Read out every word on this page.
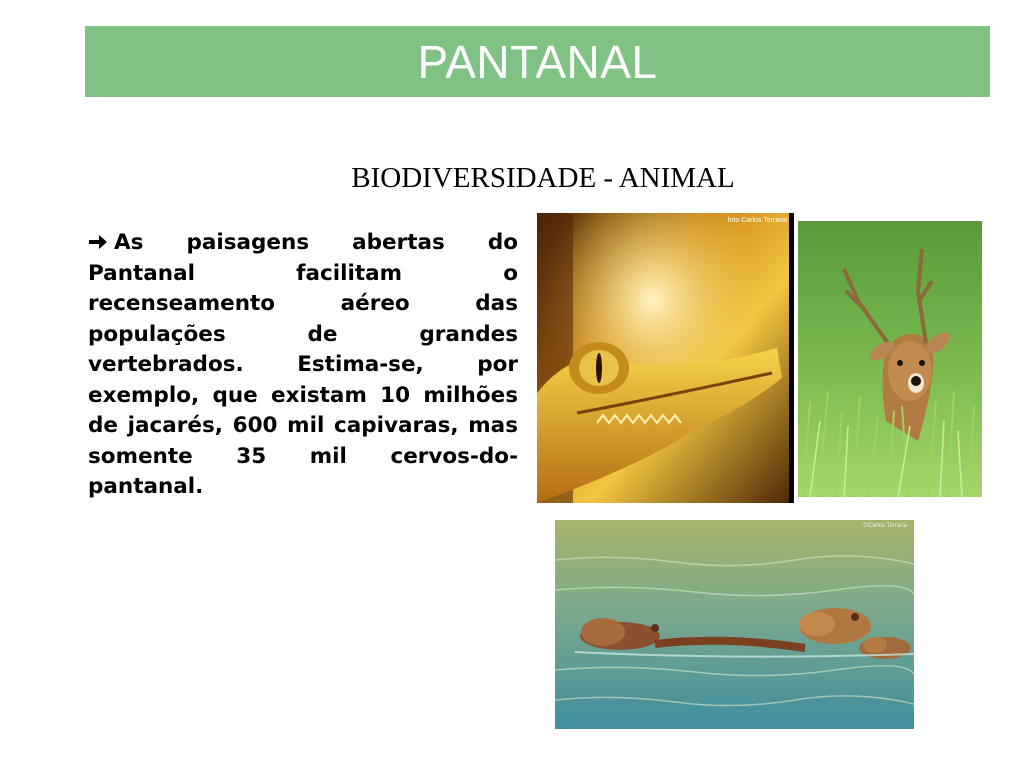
PANTANAL
BIODIVERSIDADE - ANIMAL
As paisagens abertas do Pantanal facilitam o recenseamento aéreo das populações de grandes vertebrados. Estima-se, por exemplo, que existam 10 milhões de jacarés, 600 mil capivaras, mas somente 35 mil cervos-do-pantanal.
foto Carlos Terrana
©Carlos Terrana
